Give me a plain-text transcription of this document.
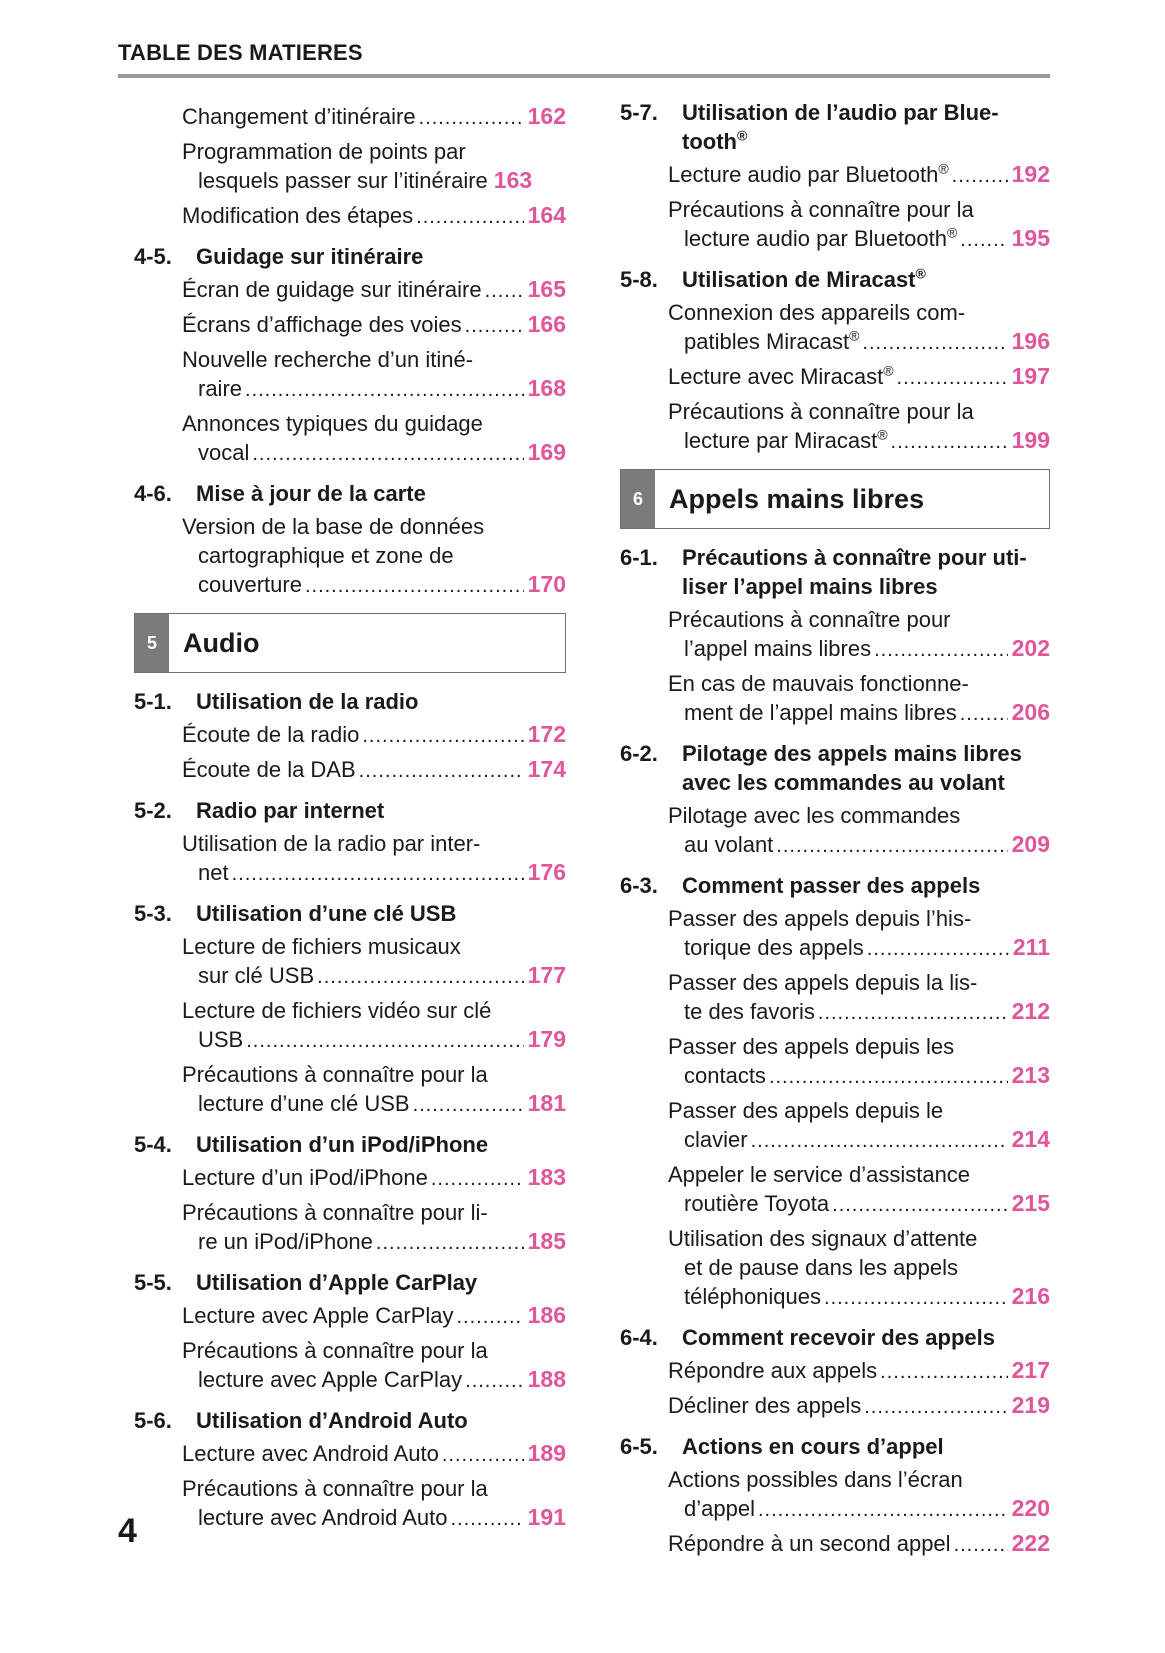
TABLE DES MATIERES
Changement d’itinéraire .....	162
Programmation de points par
lesquels passer sur l’itinéraire 163
Modification des étapes .....	164
4-5. Guidage sur itinéraire
Écran de guidage sur itinéraire ..... 165
Écrans d’affichage des voies .....	166
Nouvelle recherche d’un itiné-
raire .....	168
Annonces typiques du guidage
vocal .....	169
4-6. Mise à jour de la carte
Version de la base de données
cartographique et zone de
couverture .....	170
5 Audio
5-1. Utilisation de la radio
Écoute de la radio .....	172
Écoute de la DAB .....	174
5-2. Radio par internet
Utilisation de la radio par inter-
net .....	176
5-3. Utilisation d’une clé USB
Lecture de fichiers musicaux
sur clé USB .....	177
Lecture de fichiers vidéo sur clé
USB .....	179
Précautions à connaître pour la
lecture d’une clé USB .....	181
5-4. Utilisation d’un iPod/iPhone
Lecture d’un iPod/iPhone .....	183
Précautions à connaître pour li-
re un iPod/iPhone .....	185
5-5. Utilisation d’Apple CarPlay
Lecture avec Apple CarPlay .....	186
Précautions à connaître pour la
lecture avec Apple CarPlay .....	188
5-6. Utilisation d’Android Auto
Lecture avec Android Auto .....	189
Précautions à connaître pour la
lecture avec Android Auto .....	191
5-7. Utilisation de l’audio par Blue-
tooth®
Lecture audio par Bluetooth® .....	192
Précautions à connaître pour la
lecture audio par Bluetooth® ..... 195
5-8. Utilisation de Miracast®
Connexion des appareils com-
patibles Miracast® .....	196
Lecture avec Miracast® .....	197
Précautions à connaître pour la
lecture par Miracast® .....	199
6 Appels mains libres
6-1. Précautions à connaître pour uti- liser l’appel mains libres
Précautions à connaître pour
l’appel mains libres .....	202
En cas de mauvais fonctionne-
ment de l’appel mains libres ..... 206
6-2. Pilotage des appels mains libres avec les commandes au volant
Pilotage avec les commandes
au volant .....	209
6-3. Comment passer des appels
Passer des appels depuis l’his-
torique des appels .....	211
Passer des appels depuis la lis-
te des favoris .....	212
Passer des appels depuis les
contacts .....	213
Passer des appels depuis le
clavier .....	214
Appeler le service d’assistance
routière Toyota .....	215
Utilisation des signaux d’attente
et de pause dans les appels
téléphoniques .....	216
6-4. Comment recevoir des appels
Répondre aux appels .....	217
Décliner des appels .....	219
6-5. Actions en cours d’appel
Actions possibles dans l’écran
d’appel .....	220
Répondre à un second appel .....	222
4
